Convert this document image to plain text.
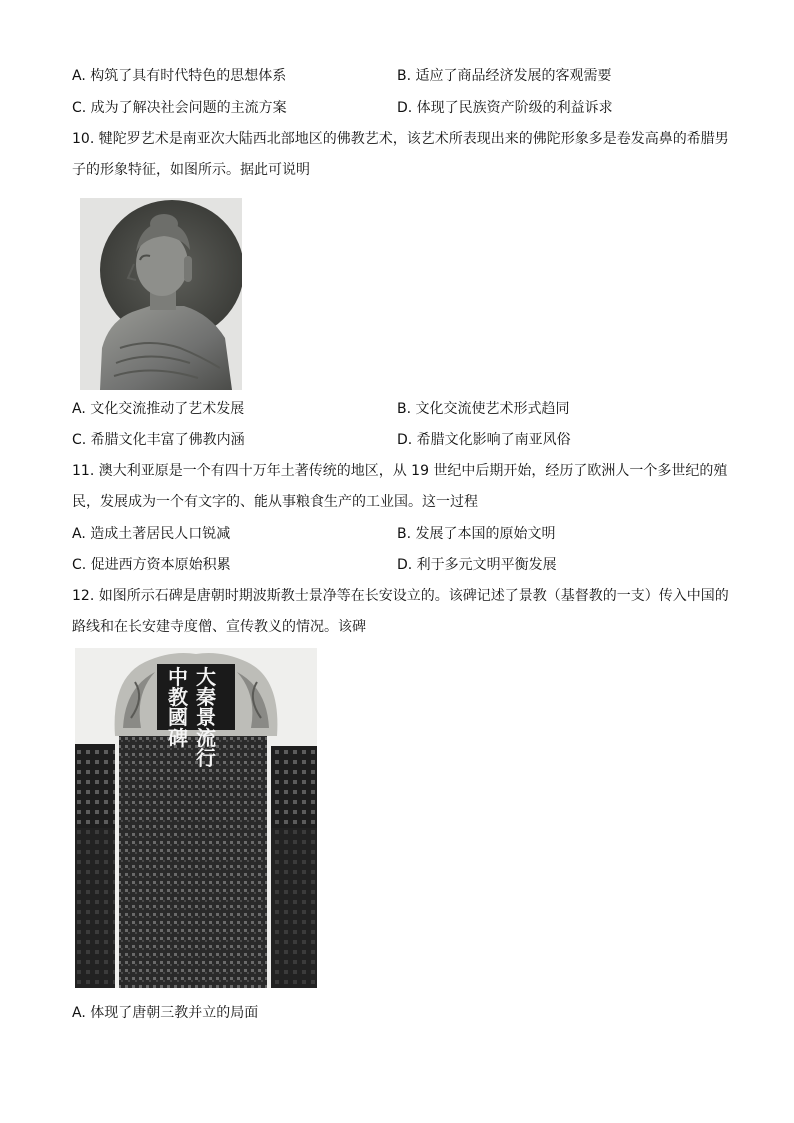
A. 构筑了具有时代特色的思想体系	B. 适应了商品经济发展的客观需要
C. 成为了解决社会问题的主流方案	D. 体现了民族资产阶级的利益诉求
10. 犍陀罗艺术是南亚次大陆西北部地区的佛教艺术，该艺术所表现出来的佛陀形象多是卷发高鼻的希腊男
子的形象特征，如图所示。据此可说明
A. 文化交流推动了艺术发展	B. 文化交流使艺术形式趋同
C. 希腊文化丰富了佛教内涵	D. 希腊文化影响了南亚风俗
11. 澳大利亚原是一个有四十万年土著传统的地区，从 19 世纪中后期开始，经历了欧洲人一个多世纪的殖
民，发展成为一个有文字的、能从事粮食生产的工业国。这一过程
A. 造成土著居民人口锐减	B. 发展了本国的原始文明
C. 促进西方资本原始积累	D. 利于多元文明平衡发展
12. 如图所示石碑是唐朝时期波斯教士景净等在长安设立的。该碑记述了景教（基督教的一支）传入中国的
路线和在长安建寺度僧、宣传教义的情况。该碑
中 大
教 秦
國 景
碑 流
行
A. 体现了唐朝三教并立的局面
